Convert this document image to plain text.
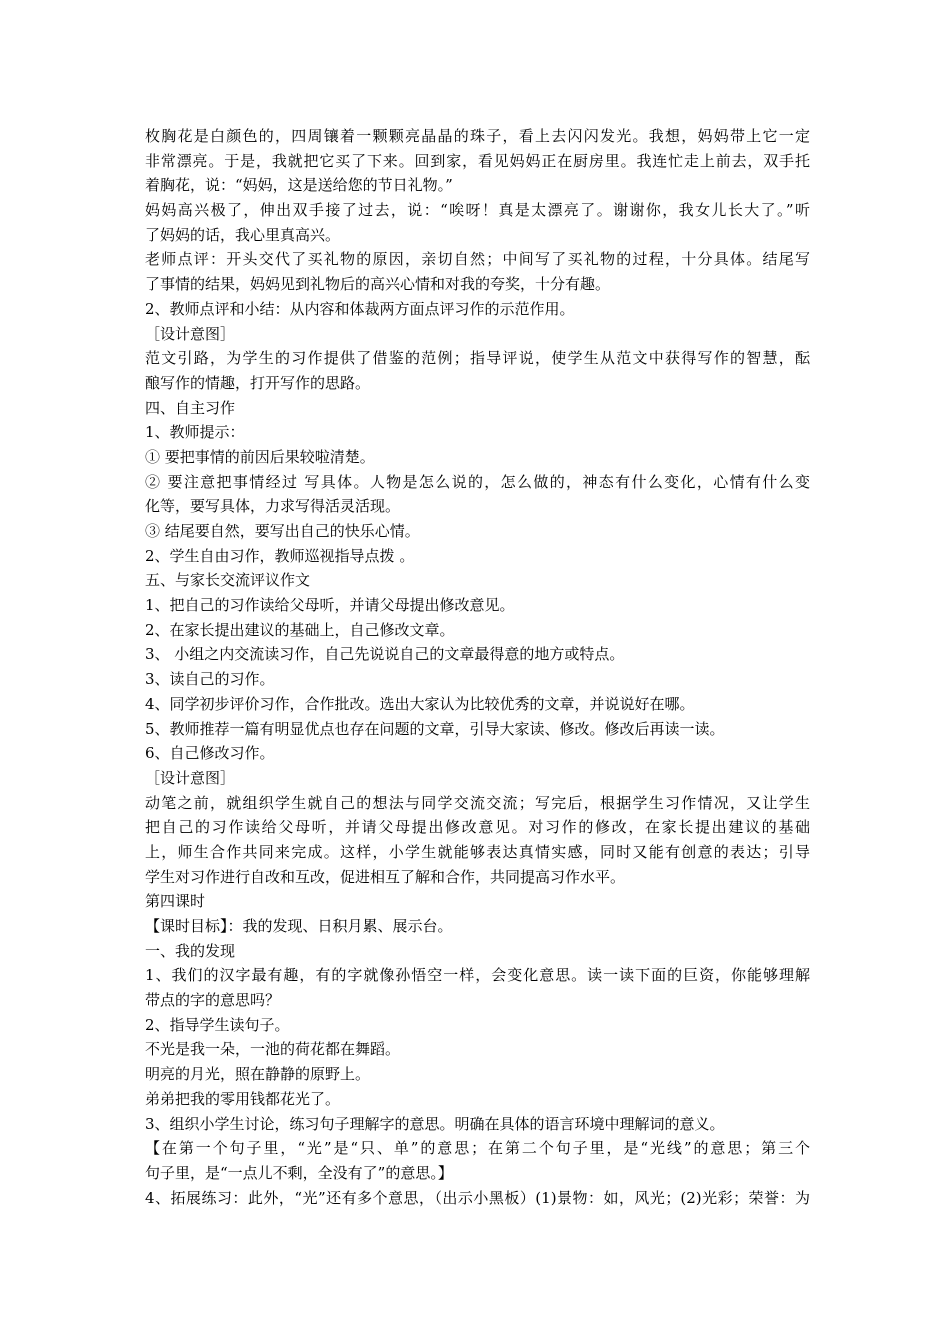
枚胸花是白颜色的，四周镶着一颗颗亮晶晶的珠子，看上去闪闪发光。我想，妈妈带上它一定
非常漂亮。于是，我就把它买了下来。回到家，看见妈妈正在厨房里。我连忙走上前去，双手托
着胸花，说：“妈妈，这是送给您的节日礼物。”
妈妈高兴极了，伸出双手接了过去，说：“唉呀！真是太漂亮了。谢谢你，我女儿长大了。”听
了妈妈的话，我心里真高兴。
老师点评：开头交代了买礼物的原因，亲切自然；中间写了买礼物的过程，十分具体。结尾写
了事情的结果，妈妈见到礼物后的高兴心情和对我的夸奖，十分有趣。
2、教师点评和小结：从内容和体裁两方面点评习作的示范作用。
［设计意图］
范文引路，为学生的习作提供了借鉴的范例；指导评说，使学生从范文中获得写作的智慧，酝
酿写作的情趣，打开写作的思路。
四、自主习作
1、教师提示：
① 要把事情的前因后果较啦清楚。
② 要注意把事情经过 写具体。人物是怎么说的，怎么做的，神态有什么变化，心情有什么变
化等，要写具体，力求写得活灵活现。
③ 结尾要自然，要写出自己的快乐心情。
2、学生自由习作，教师巡视指导点拨 。
五、与家长交流评议作文
1、把自己的习作读给父母听，并请父母提出修改意见。
2、在家长提出建议的基础上，自己修改文章。
3、 小组之内交流读习作，自己先说说自己的文章最得意的地方或特点。
3、读自己的习作。
4、同学初步评价习作，合作批改。选出大家认为比较优秀的文章，并说说好在哪。
5、教师推荐一篇有明显优点也存在问题的文章，引导大家读、修改。修改后再读一读。
6、自己修改习作。
［设计意图］
动笔之前，就组织学生就自己的想法与同学交流交流；写完后，根据学生习作情况，又让学生
把自己的习作读给父母听，并请父母提出修改意见。对习作的修改，在家长提出建议的基础
上，师生合作共同来完成。这样，小学生就能够表达真情实感，同时又能有创意的表达；引导
学生对习作进行自改和互改，促进相互了解和合作，共同提高习作水平。
第四课时
【课时目标】：我的发现、日积月累、展示台。
一、我的发现
1、我们的汉字最有趣，有的字就像孙悟空一样，会变化意思。读一读下面的巨资，你能够理解
带点的字的意思吗？
2、指导学生读句子。
不光是我一朵，一池的荷花都在舞蹈。
明亮的月光，照在静静的原野上。
弟弟把我的零用钱都花光了。
3、组织小学生讨论，练习句子理解字的意思。明确在具体的语言环境中理解词的意义。
【在第一个句子里，“光”是“只、单”的意思；在第二个句子里，是“光线”的意思；第三个
句子里，是“一点儿不剩，全没有了”的意思。】
4、拓展练习：此外，“光”还有多个意思，（出示小黑板）(1)景物：如，风光；(2)光彩；荣誉：为
